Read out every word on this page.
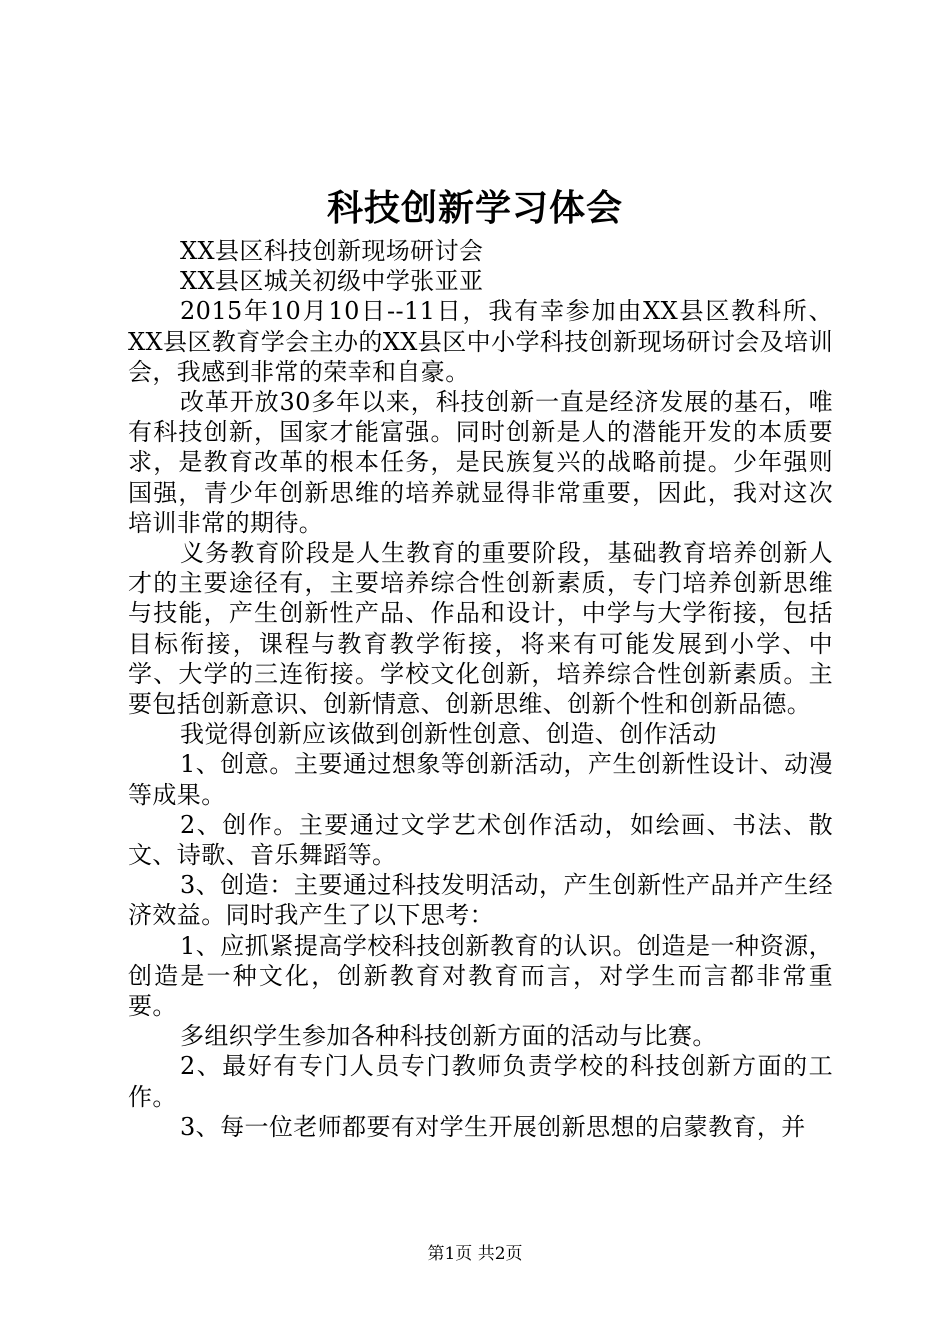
科技创新学习体会

XX县区科技创新现场研讨会

XX县区城关初级中学张亚亚

2015年10月10日--11日，我有幸参加由XX县区教科所、XX县区教育学会主办的XX县区中小学科技创新现场研讨会及培训会，我感到非常的荣幸和自豪。

改革开放30多年以来，科技创新一直是经济发展的基石，唯有科技创新，国家才能富强。同时创新是人的潜能开发的本质要求，是教育改革的根本任务，是民族复兴的战略前提。少年强则国强，青少年创新思维的培养就显得非常重要，因此，我对这次培训非常的期待。

义务教育阶段是人生教育的重要阶段，基础教育培养创新人才的主要途径有，主要培养综合性创新素质，专门培养创新思维与技能，产生创新性产品、作品和设计，中学与大学衔接，包括目标衔接，课程与教育教学衔接，将来有可能发展到小学、中学、大学的三连衔接。学校文化创新，培养综合性创新素质。主要包括创新意识、创新情意、创新思维、创新个性和创新品德。

我觉得创新应该做到创新性创意、创造、创作活动

1、创意。主要通过想象等创新活动，产生创新性设计、动漫等成果。

2、创作。主要通过文学艺术创作活动，如绘画、书法、散文、诗歌、音乐舞蹈等。

3、创造：主要通过科技发明活动，产生创新性产品并产生经济效益。同时我产生了以下思考：

1、应抓紧提高学校科技创新教育的认识。创造是一种资源，创造是一种文化，创新教育对教育而言，对学生而言都非常重要。

多组织学生参加各种科技创新方面的活动与比赛。

2、最好有专门人员专门教师负责学校的科技创新方面的工作。

3、每一位老师都要有对学生开展创新思想的启蒙教育，并

第1页 共2页
